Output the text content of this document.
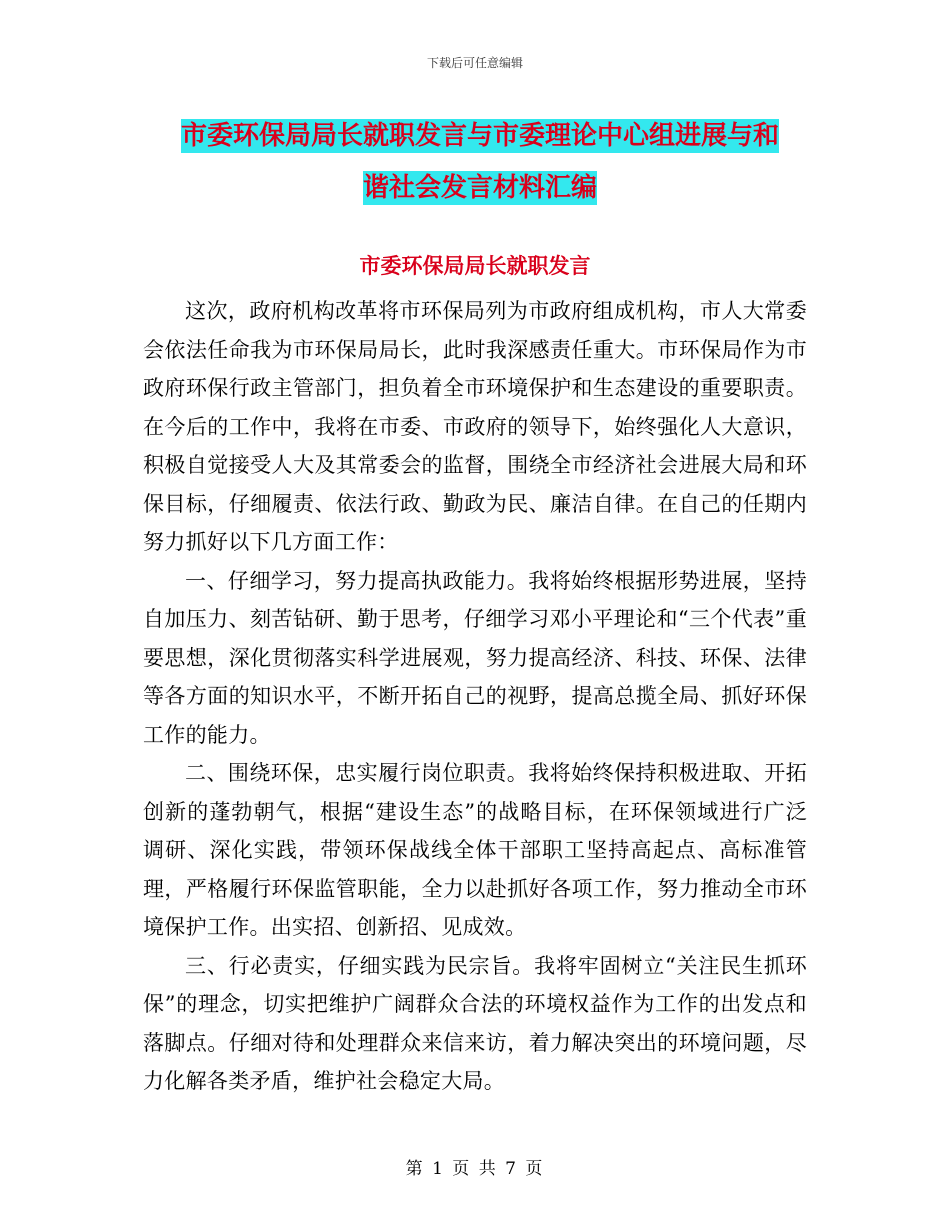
下载后可任意编辑
市委环保局局长就职发言与市委理论中心组进展与和
谐社会发言材料汇编
市委环保局局长就职发言

这次，政府机构改革将市环保局列为市政府组成机构，市人大常委会依法任命我为市环保局局长，此时我深感责任重大。市环保局作为市政府环保行政主管部门，担负着全市环境保护和生态建设的重要职责。在今后的工作中，我将在市委、市政府的领导下，始终强化人大意识，积极自觉接受人大及其常委会的监督，围绕全市经济社会进展大局和环保目标，仔细履责、依法行政、勤政为民、廉洁自律。在自己的任期内努力抓好以下几方面工作：

一、仔细学习，努力提高执政能力。我将始终根据形势进展，坚持自加压力、刻苦钻研、勤于思考，仔细学习邓小平理论和“三个代表”重要思想，深化贯彻落实科学进展观，努力提高经济、科技、环保、法律等各方面的知识水平，不断开拓自己的视野，提高总揽全局、抓好环保工作的能力。

二、围绕环保，忠实履行岗位职责。我将始终保持积极进取、开拓创新的蓬勃朝气，根据“建设生态”的战略目标，在环保领域进行广泛 调研、深化实践，带领环保战线全体干部职工坚持高起点、高标准管理，严格履行环保监管职能，全力以赴抓好各项工作，努力推动全市环境保护工作。出实招、创新招、见成效。

三、行必责实，仔细实践为民宗旨。我将牢固树立“关注民生抓环保”的理念，切实把维护广阔群众合法的环境权益作为工作的出发点和落脚点。仔细对待和处理群众来信来访，着力解决突出的环境问题，尽力化解各类矛盾，维护社会稳定大局。

第 1 页 共 7 页
